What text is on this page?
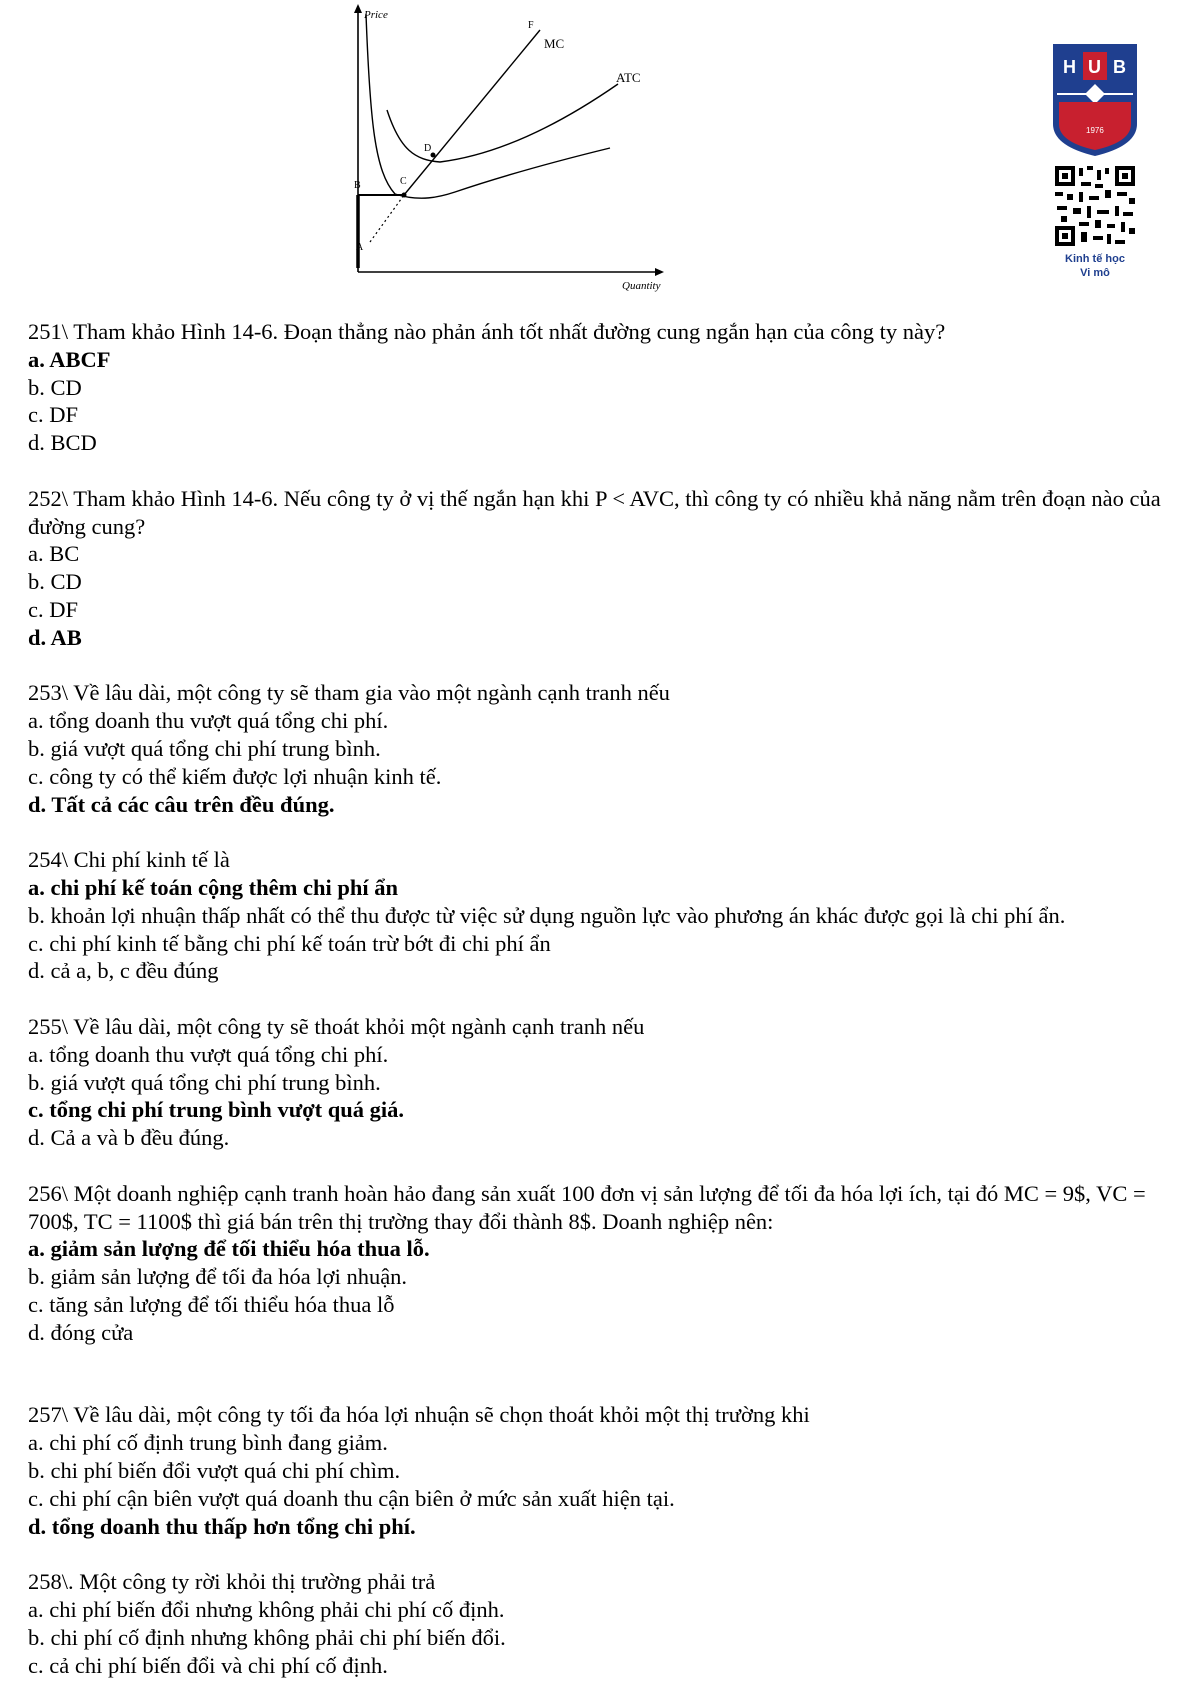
Price
Quantity
MC
ATC
F
D
C
B
A
H U B
1976
Kinh tế học
Vi mô
251\ Tham khảo Hình 14-6. Đoạn thẳng nào phản ánh tốt nhất đường cung ngắn hạn của công ty này?
a. ABCF
b. CD
c. DF
d. BCD
252\ Tham khảo Hình 14-6. Nếu công ty ở vị thế ngắn hạn khi P < AVC, thì công ty có nhiều khả năng nằm trên đoạn nào của đường cung?
a. BC
b. CD
c. DF
d. AB
253\ Về lâu dài, một công ty sẽ tham gia vào một ngành cạnh tranh nếu
a. tổng doanh thu vượt quá tổng chi phí.
b. giá vượt quá tổng chi phí trung bình.
c. công ty có thể kiếm được lợi nhuận kinh tế.
d. Tất cả các câu trên đều đúng.
254\ Chi phí kinh tế là
a. chi phí kế toán cộng thêm chi phí ẩn
b. khoản lợi nhuận thấp nhất có thể thu được từ việc sử dụng nguồn lực vào phương án khác được gọi là chi phí ẩn.
c. chi phí kinh tế bằng chi phí kế toán trừ bớt đi chi phí ẩn
d. cả a, b, c đều đúng
255\ Về lâu dài, một công ty sẽ thoát khỏi một ngành cạnh tranh nếu
a. tổng doanh thu vượt quá tổng chi phí.
b. giá vượt quá tổng chi phí trung bình.
c. tổng chi phí trung bình vượt quá giá.
d. Cả a và b đều đúng.
256\ Một doanh nghiệp cạnh tranh hoàn hảo đang sản xuất 100 đơn vị sản lượng để tối đa hóa lợi ích, tại đó MC = 9$, VC = 700$, TC = 1100$ thì giá bán trên thị trường thay đổi thành 8$. Doanh nghiệp nên:
a. giảm sản lượng để tối thiểu hóa thua lỗ.
b. giảm sản lượng để tối đa hóa lợi nhuận.
c. tăng sản lượng để tối thiểu hóa thua lỗ
d. đóng cửa
257\ Về lâu dài, một công ty tối đa hóa lợi nhuận sẽ chọn thoát khỏi một thị trường khi
a. chi phí cố định trung bình đang giảm.
b. chi phí biến đổi vượt quá chi phí chìm.
c. chi phí cận biên vượt quá doanh thu cận biên ở mức sản xuất hiện tại.
d. tổng doanh thu thấp hơn tổng chi phí.
258\. Một công ty rời khỏi thị trường phải trả
a. chi phí biến đổi nhưng không phải chi phí cố định.
b. chi phí cố định nhưng không phải chi phí biến đổi.
c. cả chi phí biến đổi và chi phí cố định.
